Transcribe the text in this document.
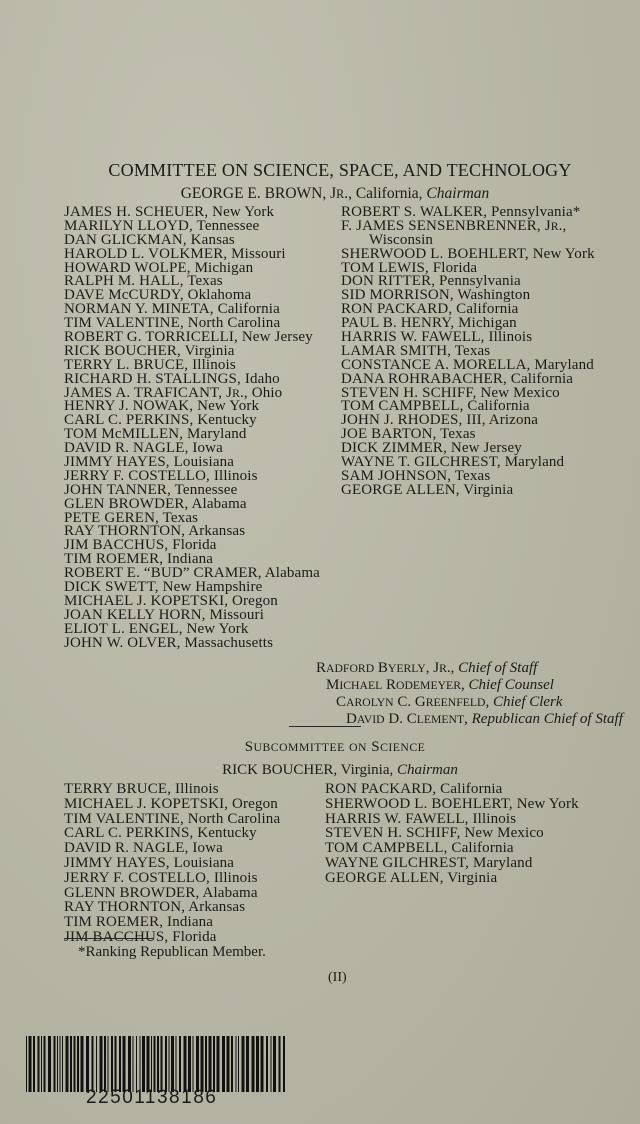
COMMITTEE ON SCIENCE, SPACE, AND TECHNOLOGY
GEORGE E. BROWN, JR., California, Chairman
JAMES H. SCHEUER, New York
MARILYN LLOYD, Tennessee
DAN GLICKMAN, Kansas
HAROLD L. VOLKMER, Missouri
HOWARD WOLPE, Michigan
RALPH M. HALL, Texas
DAVE McCURDY, Oklahoma
NORMAN Y. MINETA, California
TIM VALENTINE, North Carolina
ROBERT G. TORRICELLI, New Jersey
RICK BOUCHER, Virginia
TERRY L. BRUCE, Illinois
RICHARD H. STALLINGS, Idaho
JAMES A. TRAFICANT, JR., Ohio
HENRY J. NOWAK, New York
CARL C. PERKINS, Kentucky
TOM McMILLEN, Maryland
DAVID R. NAGLE, Iowa
JIMMY HAYES, Louisiana
JERRY F. COSTELLO, Illinois
JOHN TANNER, Tennessee
GLEN BROWDER, Alabama
PETE GEREN, Texas
RAY THORNTON, Arkansas
JIM BACCHUS, Florida
TIM ROEMER, Indiana
ROBERT E. “BUD” CRAMER, Alabama
DICK SWETT, New Hampshire
MICHAEL J. KOPETSKI, Oregon
JOAN KELLY HORN, Missouri
ELIOT L. ENGEL, New York
JOHN W. OLVER, Massachusetts
ROBERT S. WALKER, Pennsylvania*
F. JAMES SENSENBRENNER, JR.,
Wisconsin
SHERWOOD L. BOEHLERT, New York
TOM LEWIS, Florida
DON RITTER, Pennsylvania
SID MORRISON, Washington
RON PACKARD, California
PAUL B. HENRY, Michigan
HARRIS W. FAWELL, Illinois
LAMAR SMITH, Texas
CONSTANCE A. MORELLA, Maryland
DANA ROHRABACHER, California
STEVEN H. SCHIFF, New Mexico
TOM CAMPBELL, California
JOHN J. RHODES, III, Arizona
JOE BARTON, Texas
DICK ZIMMER, New Jersey
WAYNE T. GILCHREST, Maryland
SAM JOHNSON, Texas
GEORGE ALLEN, Virginia
RADFORD BYERLY, JR., Chief of Staff
MICHAEL RODEMEYER, Chief Counsel
CAROLYN C. GREENFELD, Chief Clerk
DAVID D. CLEMENT, Republican Chief of Staff
SUBCOMMITTEE ON SCIENCE
RICK BOUCHER, Virginia, Chairman
TERRY BRUCE, Illinois
MICHAEL J. KOPETSKI, Oregon
TIM VALENTINE, North Carolina
CARL C. PERKINS, Kentucky
DAVID R. NAGLE, Iowa
JIMMY HAYES, Louisiana
JERRY F. COSTELLO, Illinois
GLENN BROWDER, Alabama
RAY THORNTON, Arkansas
TIM ROEMER, Indiana
JIM BACCHUS, Florida
RON PACKARD, California
SHERWOOD L. BOEHLERT, New York
HARRIS W. FAWELL, Illinois
STEVEN H. SCHIFF, New Mexico
TOM CAMPBELL, California
WAYNE GILCHREST, Maryland
GEORGE ALLEN, Virginia
*Ranking Republican Member.
(II)
22501138186
